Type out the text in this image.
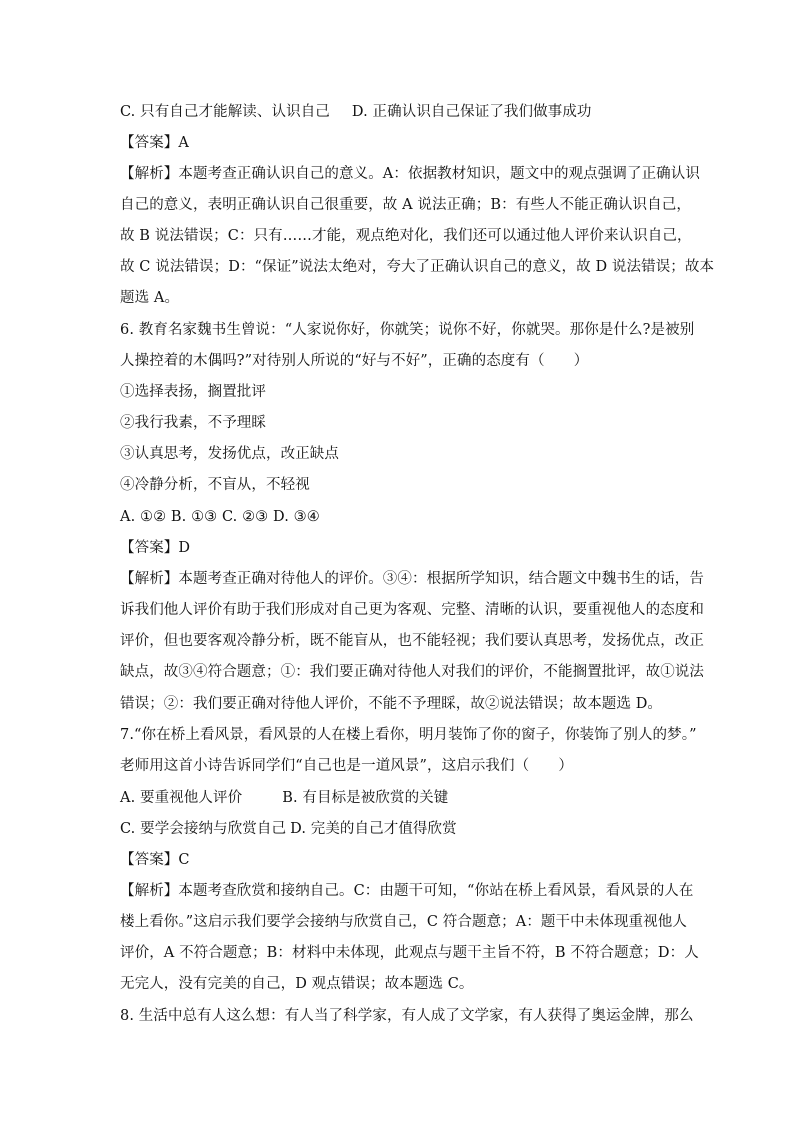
C. 只有自己才能解读、认识自己 D. 正确认识自己保证了我们做事成功
【答案】A
【解析】本题考查正确认识自己的意义。A：依据教材知识，题文中的观点强调了正确认识
自己的意义，表明正确认识自己很重要，故 A 说法正确；B：有些人不能正确认识自己，
故 B 说法错误；C：只有……才能，观点绝对化，我们还可以通过他人评价来认识自己，
故 C 说法错误；D：“保证”说法太绝对，夸大了正确认识自己的意义，故 D 说法错误；故本
题选 A。
6. 教育名家魏书生曾说：“人家说你好，你就笑；说你不好，你就哭。那你是什么?是被别
人操控着的木偶吗?”对待别人所说的“好与不好”，正确的态度有（　　）
①选择表扬，搁置批评
②我行我素，不予理睬
③认真思考，发扬优点，改正缺点
④冷静分析，不盲从，不轻视
A. ①② B. ①③ C. ②③ D. ③④
【答案】D
【解析】本题考查正确对待他人的评价。③④：根据所学知识，结合题文中魏书生的话，告
诉我们他人评价有助于我们形成对自己更为客观、完整、清晰的认识，要重视他人的态度和
评价，但也要客观冷静分析，既不能盲从，也不能轻视；我们要认真思考，发扬优点，改正
缺点，故③④符合题意；①：我们要正确对待他人对我们的评价，不能搁置批评，故①说法
错误；②：我们要正确对待他人评价，不能不予理睬，故②说法错误；故本题选 D。
7.“你在桥上看风景，看风景的人在楼上看你，明月装饰了你的窗子，你装饰了别人的梦。”
老师用这首小诗告诉同学们“自己也是一道风景”，这启示我们（　　）
A. 要重视他人评价	B. 有目标是被欣赏的关键
C. 要学会接纳与欣赏自己 D. 完美的自己才值得欣赏
【答案】C
【解析】本题考查欣赏和接纳自己。C：由题干可知，“你站在桥上看风景，看风景的人在
楼上看你。”这启示我们要学会接纳与欣赏自己，C 符合题意；A：题干中未体现重视他人
评价，A 不符合题意；B：材料中未体现，此观点与题干主旨不符，B 不符合题意；D：人
无完人，没有完美的自己，D 观点错误；故本题选 C。
8. 生活中总有人这么想：有人当了科学家，有人成了文学家，有人获得了奥运金牌，那么
